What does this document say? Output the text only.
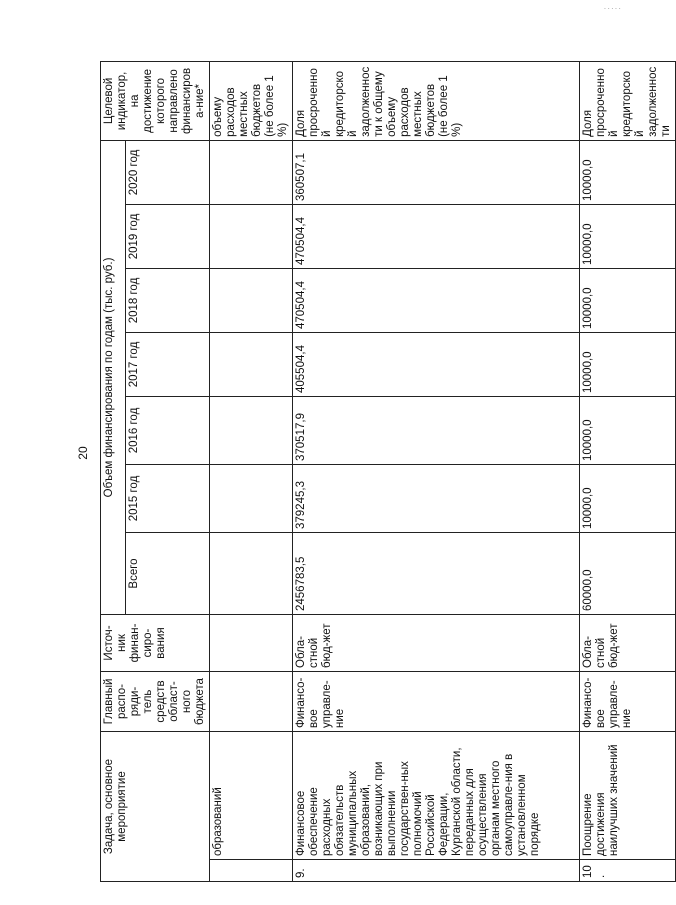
·····
20
Задача, основное мероприятие		Главный распо-ряди-тель средств област-ного бюджета	Источ-ник финан-сиро-вания	Объем финансирования по годам (тыс. руб.)							Целевой индикатор, на достижение которого направлено финансирова-ние*
				Всего	2015 год	2016 год	2017 год	2018 год	2019 год	2020 год	
	образований										объему расходов местных бюджетов (не более 1 %)
9.	Финансовое обеспечение расходных обязательств муниципальных образований, возникающих при выполнении государствен-ных полномочий Российской Федерации, Курганской области, переданных для осуществления органам местного самоуправле-ния в установленном порядке	Финансо-вое управле-ние	Обла-стной бюд-жет	2456783,5	379245,3	370517,9	405504,4	470504,4	470504,4	360507,1	Доля просроченной кредиторской задолженности к общему объему расходов местных бюджетов (не более 1 %)
10.	Поощрение достижения наилучших значений	Финансо-вое управле-ние	Обла-стной бюд-жет	60000,0	10000,0	10000,0	10000,0	10000,0	10000,0	10000,0	Доля просроченной кредиторской задолженности
